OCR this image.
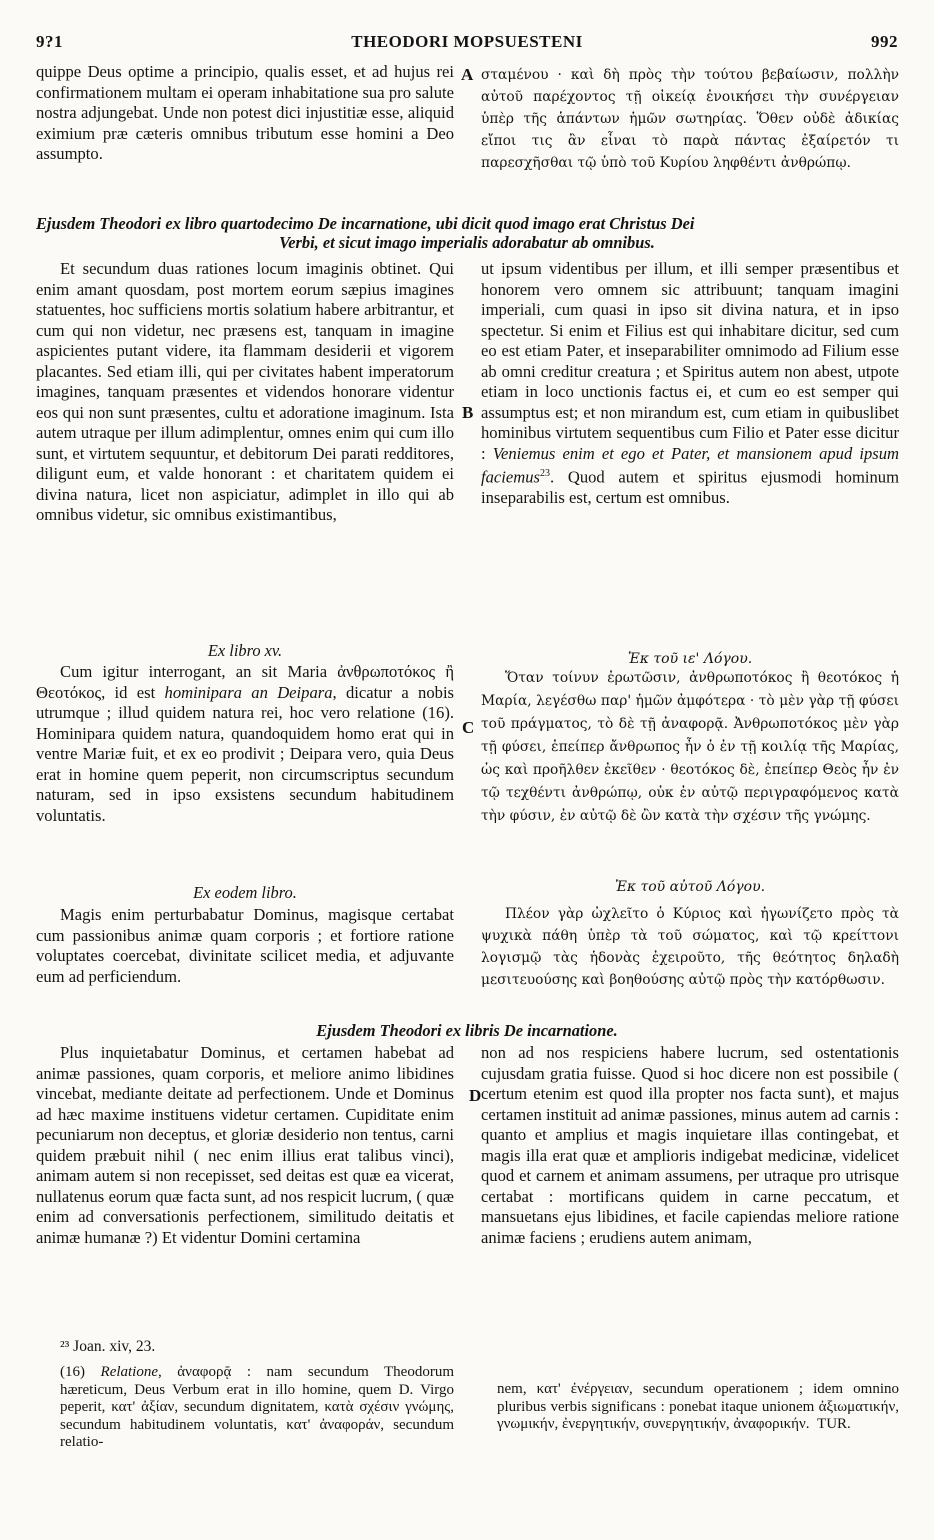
9?1	THEODORI MOPSUESTENI	992

quippe Deus optime a principio, qualis esset, et ad hujus rei confirmationem multam ei operam inhabitatione sua pro salute nostra adjungebat. Unde non potest dici injustitiæ esse, aliquid eximium præ cæteris omnibus tributum esse homini a Deo assumpto.

A σταμένου · καὶ δὴ πρὸς τὴν τούτου βεβαίωσιν, πολλὴν αὐτοῦ παρέχοντος τῇ οἰκείᾳ ἐνοικήσει τὴν συνέργειαν ὑπὲρ τῆς ἁπάντων ἡμῶν σωτηρίας. Ὅθεν οὐδὲ ἀδικίας εἴποι τις ἂν εἶναι τὸ παρὰ πάντας ἐξαίρετόν τι παρεσχῆσθαι τῷ ὑπὸ τοῦ Κυρίου ληφθέντι ἀνθρώπῳ.

Ejusdem Theodori ex libro quartodecimo De incarnatione, ubi dicit quod imago erat Christus Dei
Verbi, et sicut imago imperialis adorabatur ab omnibus.

Et secundum duas rationes locum imaginis obtinet. Qui enim amant quosdam, post mortem eorum sæpius imagines statuentes, hoc sufficiens mortis solatium habere arbitrantur, et cum qui non videtur, nec præsens est, tanquam in imagine aspicientes putant videre, ita flammam desiderii et vigorem placantes. Sed etiam illi, qui per civitates habent imperatorum imagines, tanquam præsentes et videndos honorare videntur eos qui non sunt præsentes, cultu et adoratione imaginum. Ista autem utraque per illum adimplentur, omnes enim qui cum illo sunt, et virtutem sequuntur, et debitorum Dei parati redditores, diligunt eum, et valde honorant : et charitatem quidem ei divina natura, licet non aspiciatur, adimplet in illo qui ab omnibus videtur, sic omnibus existimantibus,

B

ut ipsum videntibus per illum, et illi semper præsentibus et honorem vero omnem sic attribuunt; tanquam imagini imperiali, cum quasi in ipso sit divina natura, et in ipso spectetur. Si enim et Filius est qui inhabitare dicitur, sed cum eo est etiam Pater, et inseparabiliter omnimodo ad Filium esse ab omni creditur creatura ; et Spiritus autem non abest, utpote etiam in loco unctionis factus ei, et cum eo est semper qui assumptus est; et non mirandum est, cum etiam in quibuslibet hominibus virtutem sequentibus cum Filio et Pater esse dicitur : Veniemus enim et ego et Pater, et mansionem apud ipsum faciemus$^{23}$. Quod autem et spiritus ejusmodi hominum inseparabilis est, certum est omnibus.

Ex libro xv.	Ἐκ τοῦ ιε' Λόγου.

Cum igitur interrogant, an sit Maria ἀνθρωποτόκος ἢ Θεοτόκος, id est hominipara an Deipara, dicatur a nobis utrumque ; illud quidem natura rei, hoc vero relatione (16). Hominipara quidem natura, quandoquidem homo erat qui in ventre Mariæ fuit, et ex eo prodivit ; Deipara vero, quia Deus erat in homine quem peperit, non circumscriptus secundum naturam, sed in ipso exsistens secundum habitudinem voluntatis.

C

Ὅταν τοίνυν ἐρωτῶσιν, ἀνθρωποτόκος ἢ θεοτόκος ἡ Μαρία, λεγέσθω παρ' ἡμῶν ἀμφότερα · τὸ μὲν γὰρ τῇ φύσει τοῦ πράγματος, τὸ δὲ τῇ ἀναφορᾷ. Ἀνθρωποτόκος μὲν γὰρ τῇ φύσει, ἐπείπερ ἄνθρωπος ἦν ὁ ἐν τῇ κοιλίᾳ τῆς Μαρίας, ὡς καὶ προῆλθεν ἐκεῖθεν · θεοτόκος δὲ, ἐπείπερ Θεὸς ἦν ἐν τῷ τεχθέντι ἀνθρώπῳ, οὐκ ἐν αὐτῷ περιγραφόμενος κατὰ τὴν φύσιν, ἐν αὐτῷ δὲ ὢν κατὰ τὴν σχέσιν τῆς γνώμης.

Ex eodem libro.	Ἐκ τοῦ αὐτοῦ Λόγου.

Magis enim perturbabatur Dominus, magisque certabat cum passionibus animæ quam corporis ; et fortiore ratione voluptates coercebat, divinitate scilicet media, et adjuvante eum ad perficiendum.

Πλέον γὰρ ὠχλεῖτο ὁ Κύριος καὶ ἠγωνίζετο πρὸς τὰ ψυχικὰ πάθη ὑπὲρ τὰ τοῦ σώματος, καὶ τῷ κρείττονι λογισμῷ τὰς ἡδονὰς ἐχειροῦτο, τῆς θεότητος δηλαδὴ μεσιτευούσης καὶ βοηθούσης αὐτῷ πρὸς τὴν κατόρθωσιν.

Ejusdem Theodori ex libris De incarnatione.

Plus inquietabatur Dominus, et certamen habebat ad animæ passiones, quam corporis, et meliore animo libidines vincebat, mediante deitate ad perfectionem. Unde et Dominus ad hæc maxime instituens videtur certamen. Cupiditate enim pecuniarum non deceptus, et gloriæ desiderio non tentus, carni quidem præbuit nihil ( nec enim illius erat talibus vinci), animam autem si non recepisset, sed deitas est quæ ea vicerat, nullatenus eorum quæ facta sunt, ad nos respicit lucrum, ( quæ enim ad conversationis perfectionem, similitudo deitatis et animæ humanæ ?) Et videntur Domini certamina

D

non ad nos respiciens habere lucrum, sed ostentationis cujusdam gratia fuisse. Quod si hoc dicere non est possibile ( certum etenim est quod illa propter nos facta sunt), et majus certamen instituit ad animæ passiones, minus autem ad carnis : quanto et amplius et magis inquietare illas contingebat, et magis illa erat quæ et amplioris indigebat medicinæ, videlicet quod et carnem et animam assumens, per utraque pro utrisque certabat : mortificans quidem in carne peccatum, et mansuetans ejus libidines, et facile capiendas meliore ratione animæ faciens ; erudiens autem animam,

²³ Joan. xiv, 23.

(16) Relatione, ἀναφορᾷ : nam secundum Theodorum hæreticum, Deus Verbum erat in illo homine, quem D. Virgo peperit, κατ' ἀξίαν, secundum dignitatem, κατὰ σχέσιν γνώμης, secundum habitudinem voluntatis, κατ' ἀναφοράν, secundum relatio-

nem, κατ' ἐνέργειαν, secundum operationem ; idem omnino pluribus verbis significans : ponebat itaque unionem ἀξιωματικήν, γνωμικήν, ἐνεργητικήν, συνεργητικήν, ἀναφορικήν. TUR.
